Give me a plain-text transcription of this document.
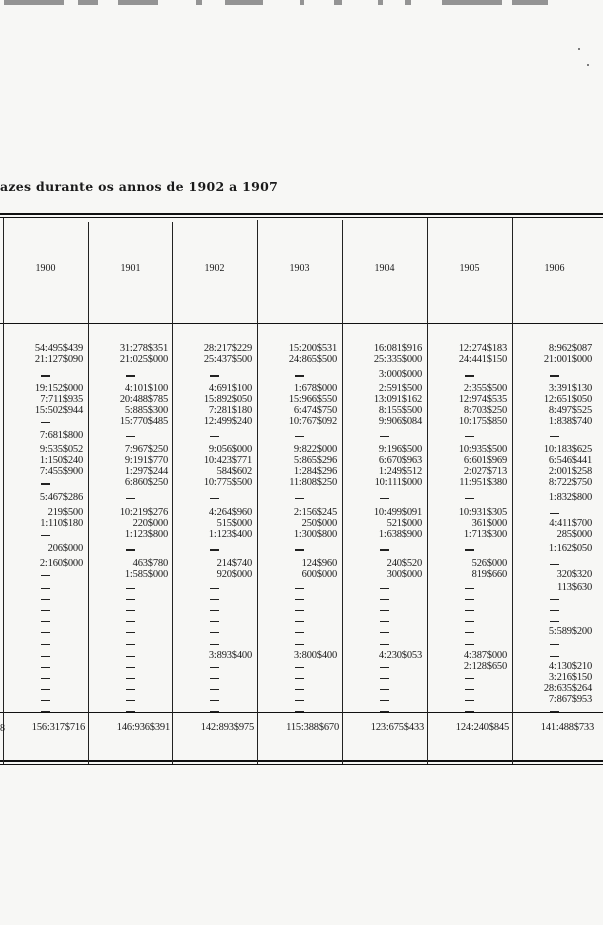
azes durante os annos de 1902 a 1907
8
1900
54:495$439
21:127$090
19:152$000
7:711$935
15:502$944
7:681$800
9:535$052
1:150$240
7:455$900
5:467$286
219$500
1:110$180
206$000
2:160$000
156:317$716
1901
31:278$351
21:025$000
4:101$100
20:488$785
5:885$300
15:770$485
7:967$250
9:191$770
1:297$244
6:860$250
10:219$276
220$000
1:123$800
463$780
1:585$000
146:936$391
1902
28:217$229
25:437$500
4:691$100
15:892$050
7:281$180
12:499$240
9:056$000
10:423$771
584$602
10:775$500
4:264$960
515$000
1:123$400
214$740
920$000
3:893$400
142:893$975
1903
15:200$531
24:865$500
1:678$000
15:966$550
6:474$750
10:767$092
9:822$000
5:865$296
1:284$296
11:808$250
2:156$245
250$000
1:300$800
124$960
600$000
3:800$400
115:388$670
1904
16:081$916
25:335$000
3:000$000
2:591$500
13:091$162
8:155$500
9:906$084
9:196$500
6:670$963
1:249$512
10:111$000
10:499$091
521$000
1:638$900
240$520
300$000
4:230$053
123:675$433
1905
12:274$183
24:441$150
2:355$500
12:974$535
8:703$250
10:175$850
10:935$500
6:601$969
2:027$713
11:951$380
10:931$305
361$000
1:713$300
526$000
819$660
4:387$000
2:128$650
124:240$845
1906
8:962$087
21:001$000
3:391$130
12:651$050
8:497$525
1:838$740
10:183$625
6:546$441
2:001$258
8:722$750
1:832$800
4:411$700
285$000
1:162$050
320$320
113$630
5:589$200
4:130$210
3:216$150
28:635$264
7:867$953
141:488$733
